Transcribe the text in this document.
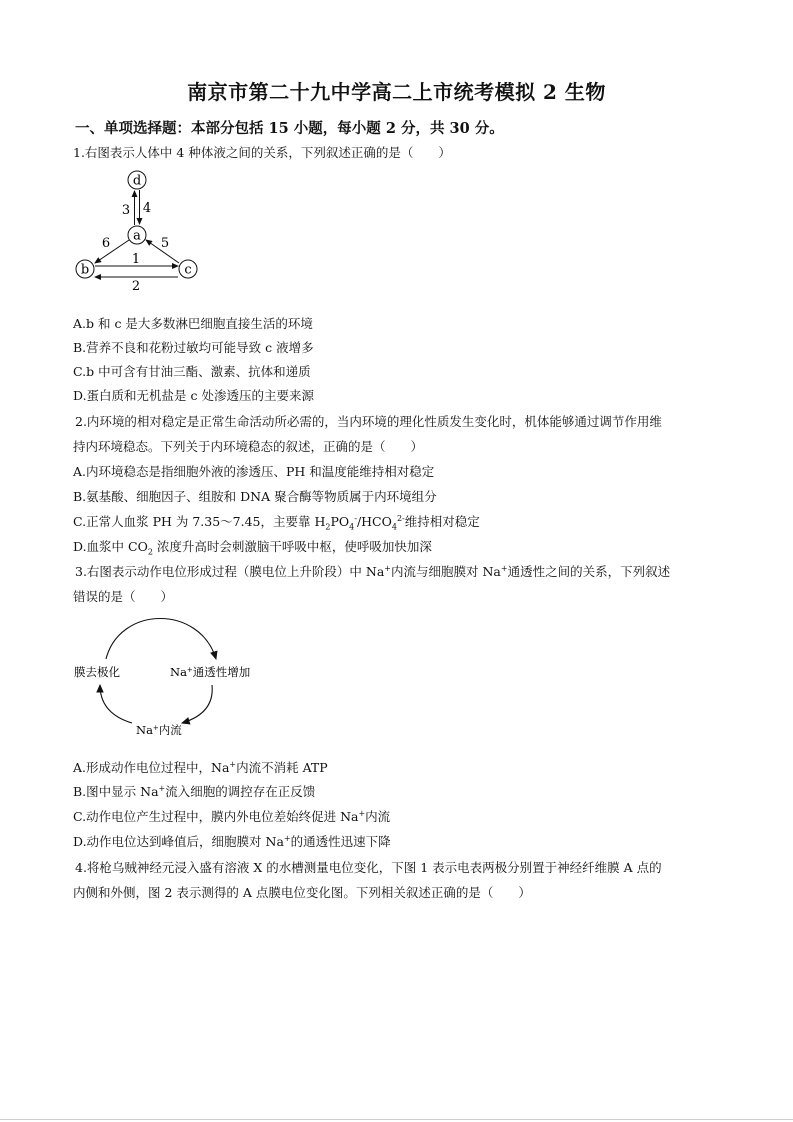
南京市第二十九中学高二上市统考模拟 2 生物
一、单项选择题：本部分包括 15 小题，每小题 2 分，共 30 分。
1.右图表示人体中 4 种体液之间的关系，下列叙述正确的是（　　）
d
a
b	c
3 4
6	5
1
2
A.b 和 c 是大多数淋巴细胞直接生活的环境
B.营养不良和花粉过敏均可能导致 c 液增多
C.b 中可含有甘油三酯、激素、抗体和递质
D.蛋白质和无机盐是 c 处渗透压的主要来源
2.内环境的相对稳定是正常生命活动所必需的，当内环境的理化性质发生变化时，机体能够通过调节作用维
持内环境稳态。下列关于内环境稳态的叙述，正确的是（　　）
A.内环境稳态是指细胞外液的渗透压、PH 和温度能维持相对稳定
B.氨基酸、细胞因子、组胺和 DNA 聚合酶等物质属于内环境组分
C.正常人血浆 PH 为 7.35～7.45，主要靠 $H_2PO_4^-/HCO_4^{2-}$维持相对稳定
D.血浆中 $CO_2$ 浓度升高时会刺激脑干呼吸中枢，使呼吸加快加深
3.右图表示动作电位形成过程（膜电位上升阶段）中 Na+内流与细胞膜对 Na+通透性之间的关系，下列叙述
错误的是（　　）
膜去极化	Na+通透性增加
Na+内流
A.形成动作电位过程中，Na+内流不消耗 ATP
B.图中显示 Na+流入细胞的调控存在正反馈
C.动作电位产生过程中，膜内外电位差始终促进 Na+内流
D.动作电位达到峰值后，细胞膜对 Na+的通透性迅速下降
4.将枪乌贼神经元浸入盛有溶液 X 的水槽测量电位变化，下图 1 表示电表两极分别置于神经纤维膜 A 点的
内侧和外侧，图 2 表示测得的 A 点膜电位变化图。下列相关叙述正确的是（　　）
